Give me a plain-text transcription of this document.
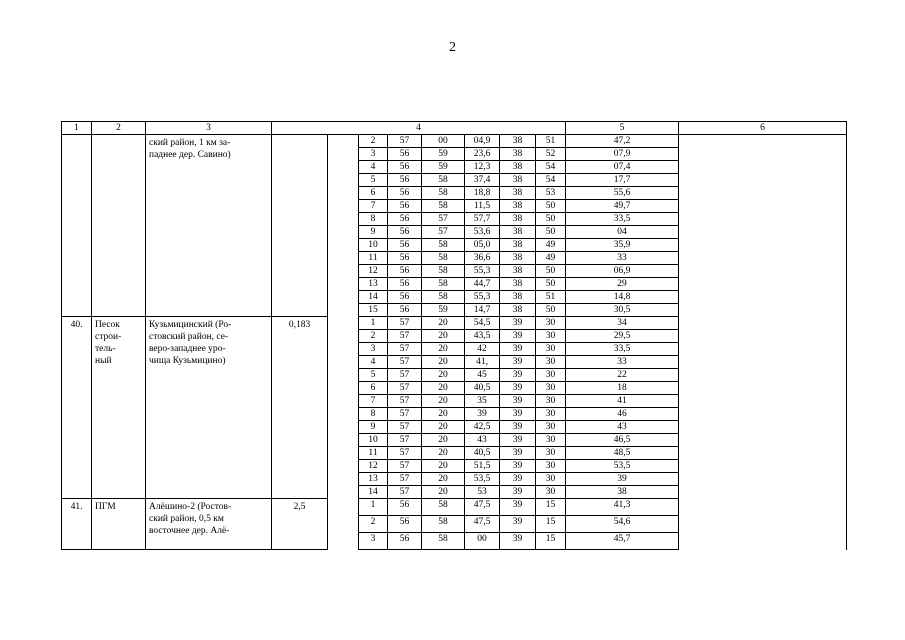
2
1	2	3	4								5	6	

		ский район, 1 км за-
паднее дер. Савино)			2	57	00	04,9	38	51	47,2

					3	56	59	23,6	38	52	07,9		

					4	56	59	12,3	38	54	07,4		

					5	56	58	37,4	38	54	17,7		

					6	56	58	18,8	38	53	55,6		

					7	56	58	11,5	38	50	49,7		

					8	56	57	57,7	38	50	33,5		

					9	56	57	53,6	38	50	04		

					10	56	58	05,0	38	49	35,9		

					11	56	58	36,6	38	49	33		

					12	56	58	55,3	38	50	06,9		

					13	56	58	44,7	38	50	29		

					14	56	58	55,3	38	51	14,8		

					15	56	59	14,7	38	50	30,5		

40.	Песок
строи-
тель-
ный	Кузьмицинский (Ро-
стовский район, се-
веро-западнее уро-
чища Кузьмицино)	0,183		1	57	20	54,5	39	30	34

					2	57	20	43,5	39	30	29,5		

					3	57	20	42	39	30	33,5		

					4	57	20	41,	39	30	33		

					5	57	20	45	39	30	22		

					6	57	20	40,5	39	30	18		

					7	57	20	35	39	30	41		

					8	57	20	39	39	30	46		

					9	57	20	42,5	39	30	43		

					10	57	20	43	39	30	46,5		

					11	57	20	40,5	39	30	48,5		

					12	57	20	51,5	39	30	53,5		

					13	57	20	53,5	39	30	39		

					14	57	20	53	39	30	38		

41.	ПГМ	Алёшино-2 (Ростов-
ский район, 0,5 км
восточнее дер. Алё-	2,5		1	56	58	47,5	39	15	41,3

					2	56	58	47,5	39	15	54,6		

					3	56	58	00	39	15	45,7		
